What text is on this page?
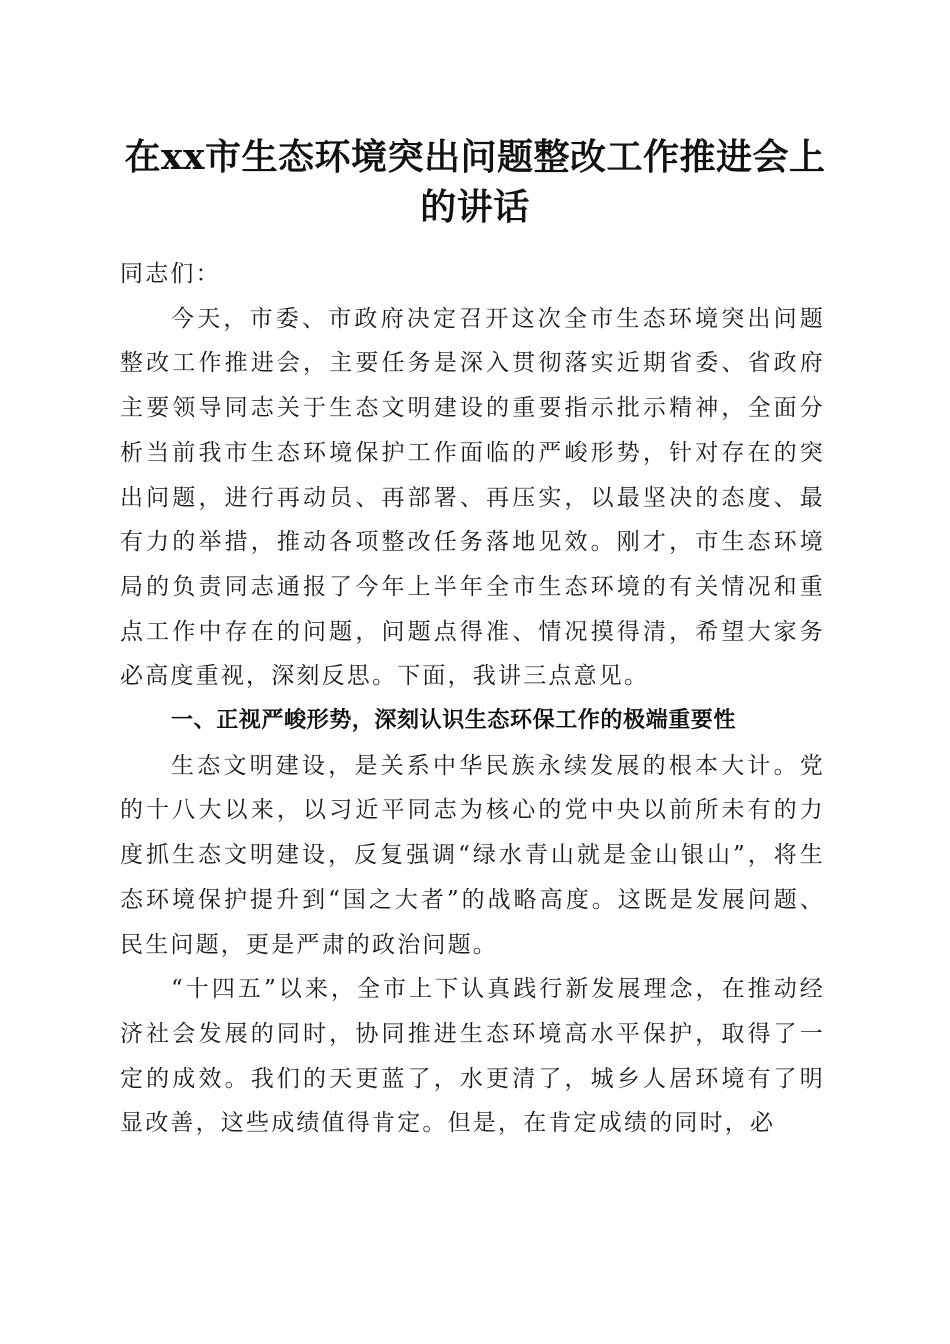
在xx市生态环境突出问题整改工作推进会上
的讲话

同志们：

今天，市委、市政府决定召开这次全市生态环境突出问题整改工作推进会，主要任务是深入贯彻落实近期省委、省政府主要领导同志关于生态文明建设的重要指示批示精神，全面分析当前我市生态环境保护工作面临的严峻形势，针对存在的突出问题，进行再动员、再部署、再压实，以最坚决的态度、最有力的举措，推动各项整改任务落地见效。刚才，市生态环境局的负责同志通报了今年上半年全市生态环境的有关情况和重点工作中存在的问题，问题点得准、情况摸得清，希望大家务必高度重视，深刻反思。下面，我讲三点意见。

一、正视严峻形势，深刻认识生态环保工作的极端重要性

生态文明建设，是关系中华民族永续发展的根本大计。党的十八大以来，以习近平同志为核心的党中央以前所未有的力度抓生态文明建设，反复强调“绿水青山就是金山银山”，将生态环境保护提升到“国之大者”的战略高度。这既是发展问题、民生问题，更是严肃的政治问题。

“十四五”以来，全市上下认真践行新发展理念，在推动经济社会发展的同时，协同推进生态环境高水平保护，取得了一定的成效。我们的天更蓝了，水更清了，城乡人居环境有了明显改善，这些成绩值得肯定。但是，在肯定成绩的同时，必
